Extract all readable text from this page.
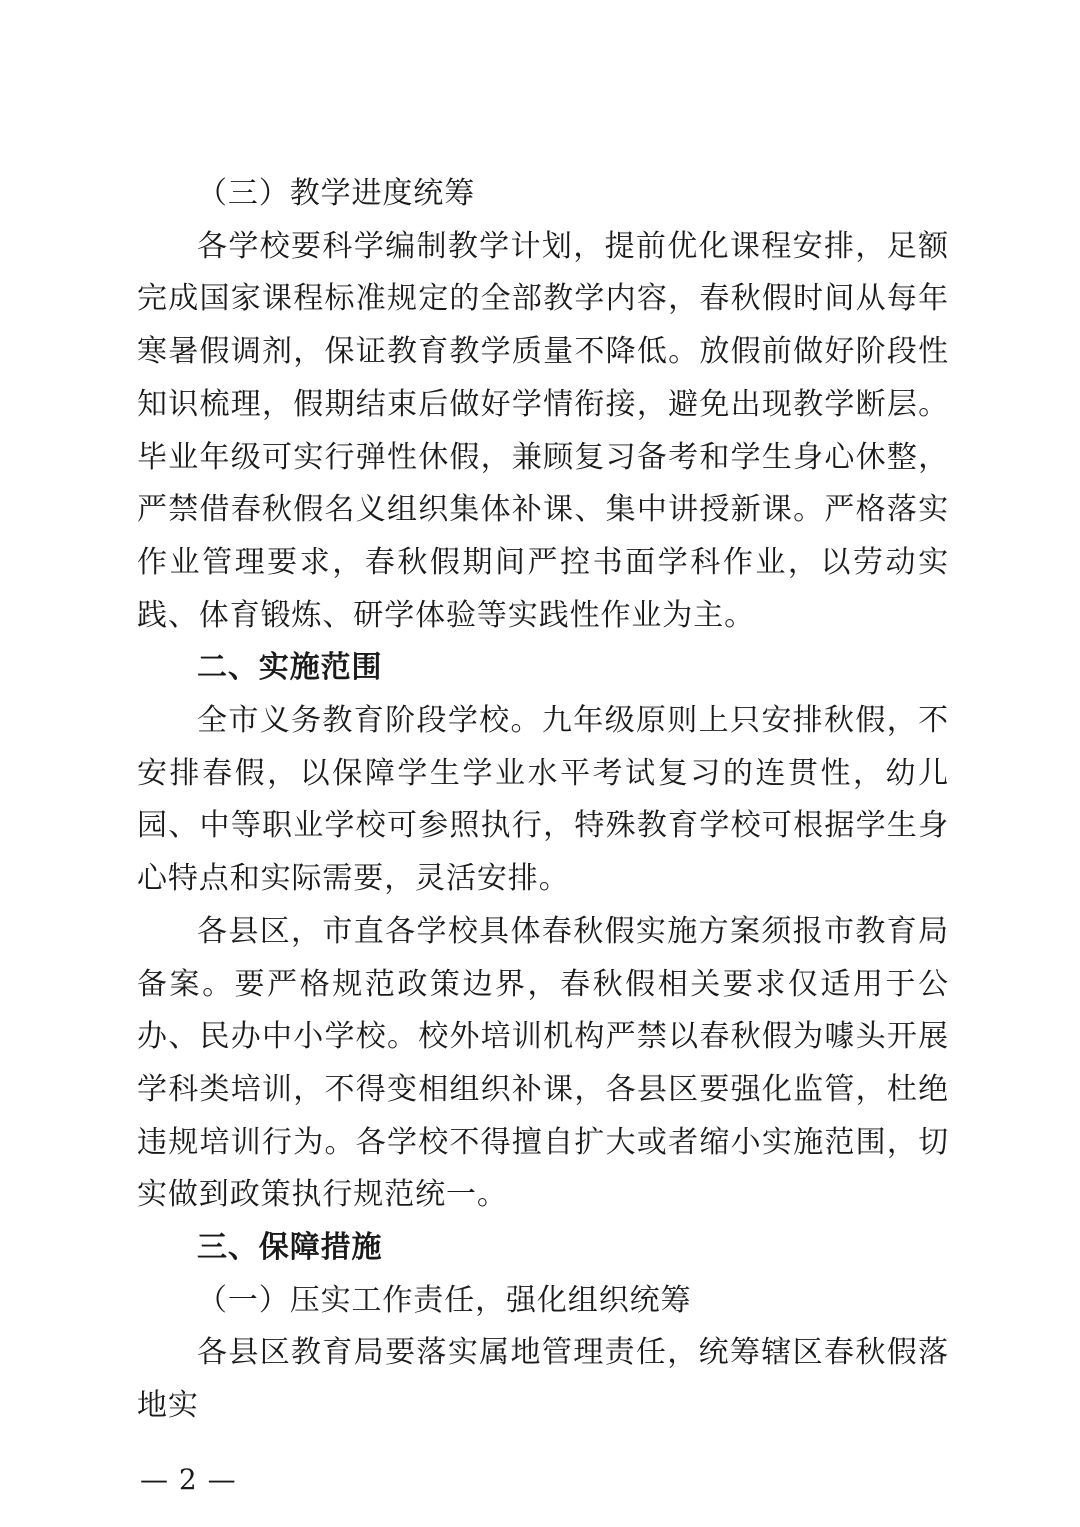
（三）教学进度统筹

各学校要科学编制教学计划，提前优化课程安排，足额完成国家课程标准规定的全部教学内容，春秋假时间从每年寒暑假调剂，保证教育教学质量不降低。放假前做好阶段性知识梳理，假期结束后做好学情衔接，避免出现教学断层。毕业年级可实行弹性休假，兼顾复习备考和学生身心休整，严禁借春秋假名义组织集体补课、集中讲授新课。严格落实作业管理要求，春秋假期间严控书面学科作业，以劳动实践、体育锻炼、研学体验等实践性作业为主。

二、实施范围

全市义务教育阶段学校。九年级原则上只安排秋假，不安排春假，以保障学生学业水平考试复习的连贯性，幼儿园、中等职业学校可参照执行，特殊教育学校可根据学生身心特点和实际需要，灵活安排。

各县区，市直各学校具体春秋假实施方案须报市教育局备案。要严格规范政策边界，春秋假相关要求仅适用于公办、民办中小学校。校外培训机构严禁以春秋假为噱头开展学科类培训，不得变相组织补课，各县区要强化监管，杜绝违规培训行为。各学校不得擅自扩大或者缩小实施范围，切实做到政策执行规范统一。

三、保障措施

（一）压实工作责任，强化组织统筹

各县区教育局要落实属地管理责任，统筹辖区春秋假落地实

— 2 —
